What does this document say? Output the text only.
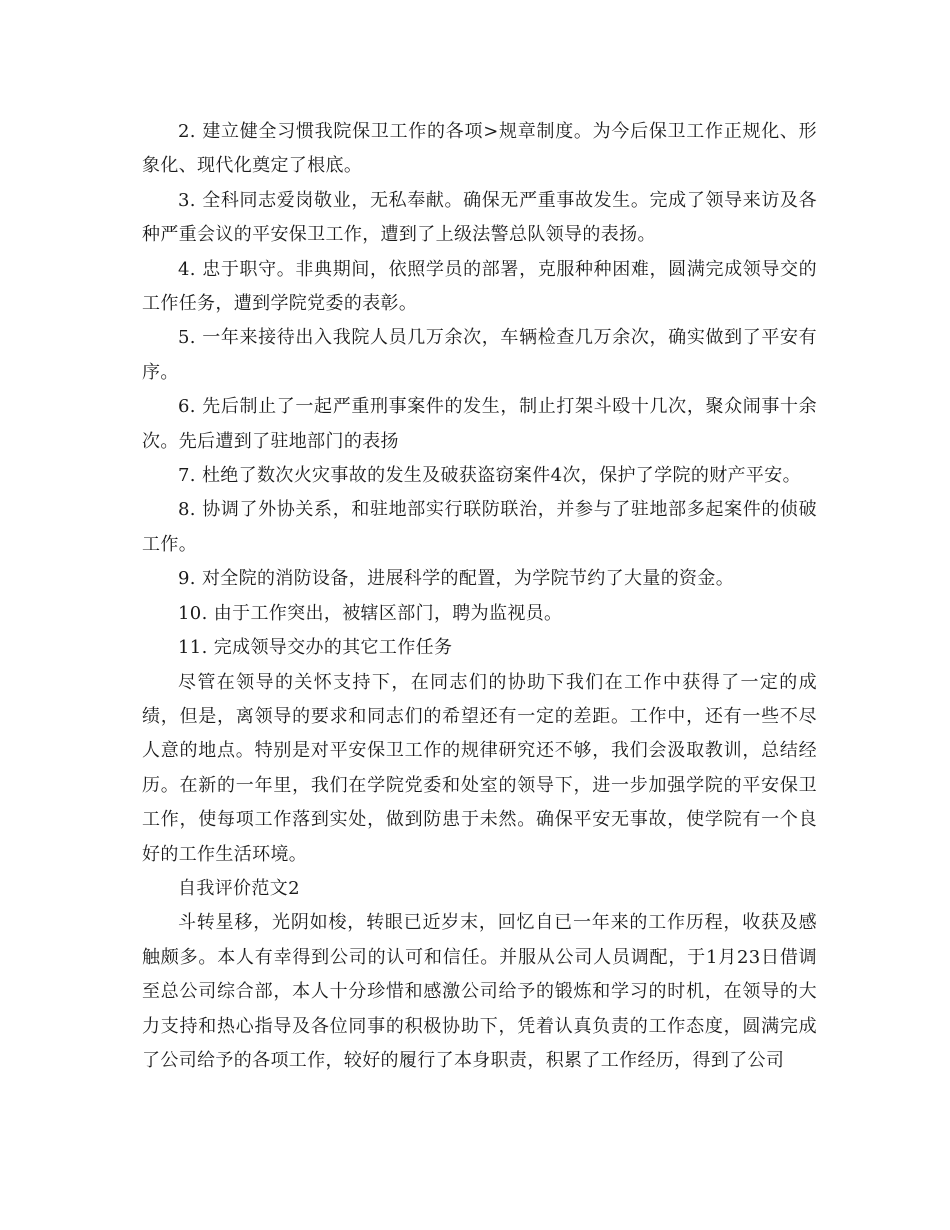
2. 建立健全习惯我院保卫工作的各项>规章制度。为今后保卫工作正规化、形象化、现代化奠定了根底。

3. 全科同志爱岗敬业，无私奉献。确保无严重事故发生。完成了领导来访及各种严重会议的平安保卫工作，遭到了上级法警总队领导的表扬。

4. 忠于职守。非典期间，依照学员的部署，克服种种困难，圆满完成领导交的工作任务，遭到学院党委的表彰。

5. 一年来接待出入我院人员几万余次，车辆检查几万余次，确实做到了平安有序。

6. 先后制止了一起严重刑事案件的发生，制止打架斗殴十几次，聚众闹事十余次。先后遭到了驻地部门的表扬

7. 杜绝了数次火灾事故的发生及破获盗窃案件4次，保护了学院的财产平安。

8. 协调了外协关系，和驻地部实行联防联治，并参与了驻地部多起案件的侦破工作。

9. 对全院的消防设备，进展科学的配置，为学院节约了大量的资金。

10. 由于工作突出，被辖区部门，聘为监视员。

11. 完成领导交办的其它工作任务

尽管在领导的关怀支持下，在同志们的协助下我们在工作中获得了一定的成绩，但是，离领导的要求和同志们的希望还有一定的差距。工作中，还有一些不尽人意的地点。特别是对平安保卫工作的规律研究还不够，我们会汲取教训，总结经历。在新的一年里，我们在学院党委和处室的领导下，进一步加强学院的平安保卫工作，使每项工作落到实处，做到防患于未然。确保平安无事故，使学院有一个良好的工作生活环境。

自我评价范文2

斗转星移，光阴如梭，转眼已近岁末，回忆自已一年来的工作历程，收获及感触颇多。本人有幸得到公司的认可和信任。并服从公司人员调配，于1月23日借调至总公司综合部，本人十分珍惜和感激公司给予的锻炼和学习的时机，在领导的大力支持和热心指导及各位同事的积极协助下，凭着认真负责的工作态度，圆满完成了公司给予的各项工作，较好的履行了本身职责，积累了工作经历，得到了公司
